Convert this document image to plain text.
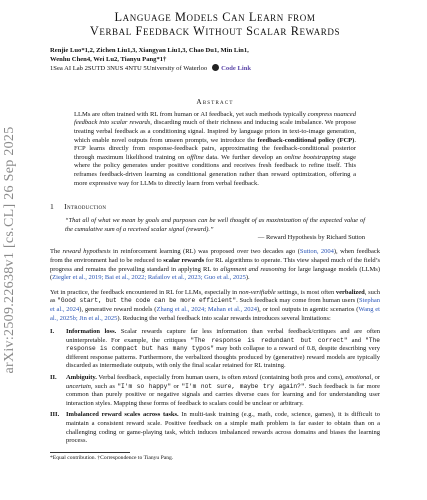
arXiv:2509.22638v1 [cs.CL] 26 Sep 2025
Language Models Can Learn from
Verbal Feedback Without Scalar Rewards
Renjie Luo*1,2, Zichen Liu1,3, Xiangyan Liu1,3, Chao Du1, Min Lin1,
Wenhu Chen4, Wei Lu2, Tianyu Pang*1†
1Sea AI Lab 2SUTD 3NUS 4NTU 5University of Waterloo Code Link
Abstract
LLMs are often trained with RL from human or AI feedback, yet such methods typically compress nuanced feedback into scalar rewards, discarding much of their richness and inducing scale imbalance. We propose treating verbal feedback as a conditioning signal. Inspired by language priors in text-to-image generation, which enable novel outputs from unseen prompts, we introduce the feedback-conditional policy (FCP). FCP learns directly from response-feedback pairs, approximating the feedback-conditional posterior through maximum likelihood training on offline data. We further develop an online bootstrapping stage where the policy generates under positive conditions and receives fresh feedback to refine itself. This reframes feedback-driven learning as conditional generation rather than reward optimization, offering a more expressive way for LLMs to directly learn from verbal feedback.
1 Introduction
“That all of what we mean by goals and purposes can be well thought of as maximization of the expected value of the cumulative sum of a received scalar signal (reward).”
— Reward Hypothesis by Richard Sutton
The reward hypothesis in reinforcement learning (RL) was proposed over two decades ago (Sutton, 2004), when feedback from the environment had to be reduced to scalar rewards for RL algorithms to operate. This view shaped much of the field’s progress and remains the prevailing standard in applying RL to alignment and reasoning for large language models (LLMs) (Ziegler et al., 2019; Bai et al., 2022; Rafailov et al., 2023; Guo et al., 2025).
Yet in practice, the feedback encountered in RL for LLMs, especially in non-verifiable settings, is most often verbalized, such as "Good start, but the code can be more efficient". Such feedback may come from human users (Stephan et al., 2024), generative reward models (Zhang et al., 2024; Mahan et al., 2024), or tool outputs in agentic scenarios (Wang et al., 2025b; Jin et al., 2025). Reducing the verbal feedback into scalar rewards introduces several limitations:
I. Information loss. Scalar rewards capture far less information than verbal feedback/critiques and are often uninterpretable. For example, the critiques "The response is redundant but correct" and "The response is compact but has many typos" may both collapse to a reward of 0.8, despite describing very different response patterns. Furthermore, the verbalized thoughts produced by (generative) reward models are typically discarded as intermediate outputs, with only the final scalar retained for RL training.
II. Ambiguity. Verbal feedback, especially from human users, is often mixed (containing both pros and cons), emotional, or uncertain, such as "I'm so happy" or "I'm not sure, maybe try again?". Such feedback is far more common than purely positive or negative signals and carries diverse cues for learning and for understanding user interaction styles. Mapping these forms of feedback to scalars could be unclear or arbitrary.
III. Imbalanced reward scales across tasks. In multi-task training (e.g., math, code, science, games), it is difficult to maintain a consistent reward scale. Positive feedback on a simple math problem is far easier to obtain than on a challenging coding or game-playing task, which induces imbalanced rewards across domains and biases the learning process.
*Equal contribution. †Correspondence to Tianyu Pang.
